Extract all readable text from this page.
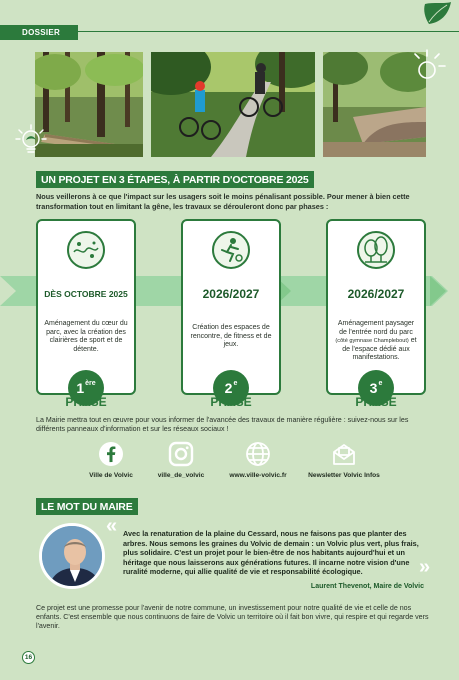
DOSSIER
UN PROJET EN 3 ÉTAPES, À PARTIR D'OCTOBRE 2025
Nous veillerons à ce que l'impact sur les usagers soit le moins pénalisant possible. Pour mener à bien cette transformation tout en limitant la gêne, les travaux se dérouleront donc par phases :
DÈS OCTOBRE 2025
Aménagement du cœur du parc, avec la création des clairières de sport et de détente.
1ère
PHASE
2026/2027
Création des espaces de rencontre, de fitness et de jeux.
2e
PHASE
2026/2027
Aménagement paysager de l'entrée nord du parc (côté gymnase Champlebout) et de l'espace dédié aux manifestations.
3e
PHASE
La Mairie mettra tout en œuvre pour vous informer de l'avancée des travaux de manière régulière : suivez-nous sur les différents panneaux d'information et sur les réseaux sociaux !
Ville de Volvic	ville_de_volvic	www.ville-volvic.fr	Newsletter Volvic Infos
LE MOT DU MAIRE
« Avec la renaturation de la plaine du Cessard, nous ne faisons pas que planter des arbres. Nous semons les graines du Volvic de demain : un Volvic plus vert, plus frais, plus solidaire. C'est un projet pour le bien-être de nos habitants aujourd'hui et un héritage que nous laisserons aux générations futures. Il incarne notre vision d'une ruralité moderne, qui allie qualité de vie et responsabilité écologique.	»
Laurent Thevenot, Maire de Volvic
Ce projet est une promesse pour l'avenir de notre commune, un investissement pour notre qualité de vie et celle de nos enfants. C'est ensemble que nous continuons de faire de Volvic un territoire où il fait bon vivre, qui respire et qui regarde vers l'avenir.
16
